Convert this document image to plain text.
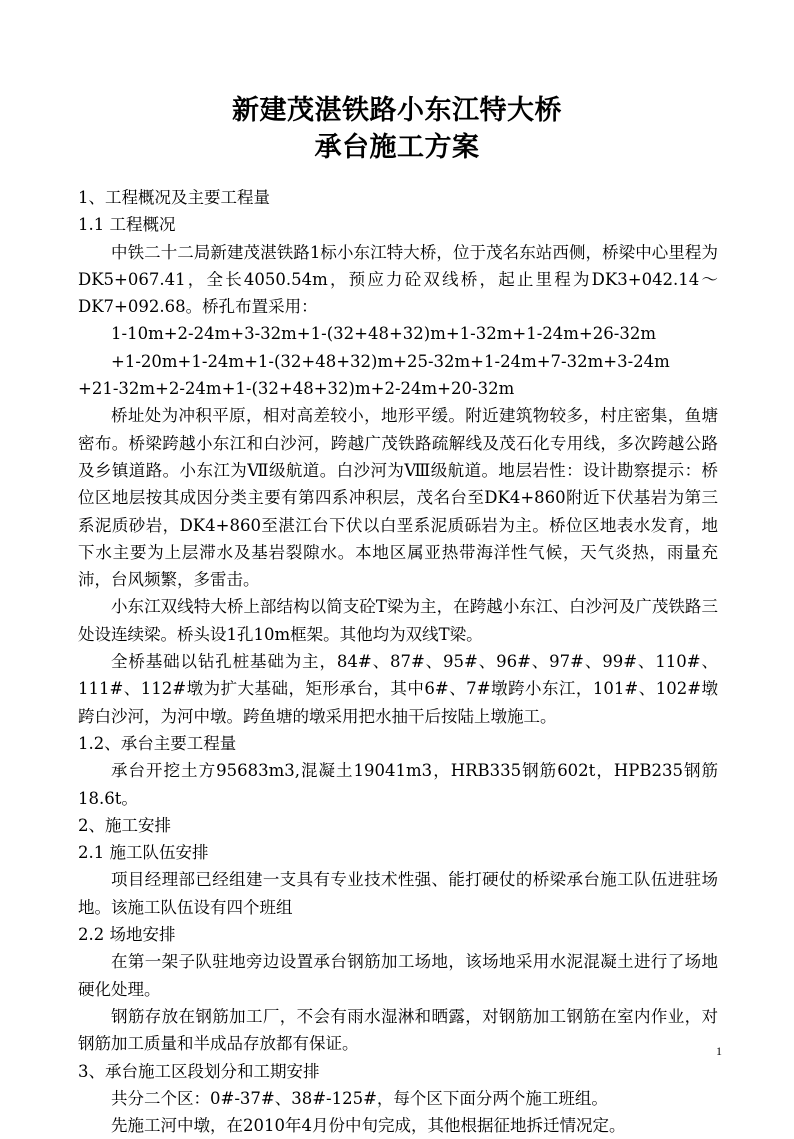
新建茂湛铁路小东江特大桥
承台施工方案

1、工程概况及主要工程量

1.1 工程概况

中铁二十二局新建茂湛铁路1标小东江特大桥，位于茂名东站西侧，桥梁中心里程为DK5+067.41，全长4050.54m，预应力砼双线桥，起止里程为DK3+042.14～DK7+092.68。桥孔布置采用：

1-10m+2-24m+3-32m+1-(32+48+32)m+1-32m+1-24m+26-32m

+1-20m+1-24m+1-(32+48+32)m+25-32m+1-24m+7-32m+3-24m

+21-32m+2-24m+1-(32+48+32)m+2-24m+20-32m

桥址处为冲积平原，相对高差较小，地形平缓。附近建筑物较多，村庄密集，鱼塘密布。桥梁跨越小东江和白沙河，跨越广茂铁路疏解线及茂石化专用线，多次跨越公路及乡镇道路。小东江为Ⅶ级航道。白沙河为Ⅷ级航道。地层岩性：设计勘察提示：桥位区地层按其成因分类主要有第四系冲积层，茂名台至DK4+860附近下伏基岩为第三系泥质砂岩，DK4+860至湛江台下伏以白垩系泥质砾岩为主。桥位区地表水发育，地下水主要为上层滞水及基岩裂隙水。本地区属亚热带海洋性气候，天气炎热，雨量充沛，台风频繁，多雷击。

小东江双线特大桥上部结构以简支砼T梁为主，在跨越小东江、白沙河及广茂铁路三处设连续梁。桥头设1孔10m框架。其他均为双线T梁。

全桥基础以钻孔桩基础为主，84#、87#、95#、96#、97#、99#、110#、111#、112#墩为扩大基础，矩形承台，其中6#、7#墩跨小东江，101#、102#墩跨白沙河，为河中墩。跨鱼塘的墩采用把水抽干后按陆上墩施工。

1.2、承台主要工程量

承台开挖土方95683m3,混凝土19041m3，HRB335钢筋602t，HPB235钢筋18.6t。

2、施工安排

2.1 施工队伍安排

项目经理部已经组建一支具有专业技术性强、能打硬仗的桥梁承台施工队伍进驻场地。该施工队伍设有四个班组

2.2 场地安排

在第一架子队驻地旁边设置承台钢筋加工场地，该场地采用水泥混凝土进行了场地硬化处理。

钢筋存放在钢筋加工厂，不会有雨水湿淋和晒露，对钢筋加工钢筋在室内作业，对钢筋加工质量和半成品存放都有保证。

3、承台施工区段划分和工期安排

共分二个区：0#-37#、38#-125#，每个区下面分两个施工班组。

先施工河中墩，在2010年4月份中旬完成，其他根据征地拆迁情况定。

1
